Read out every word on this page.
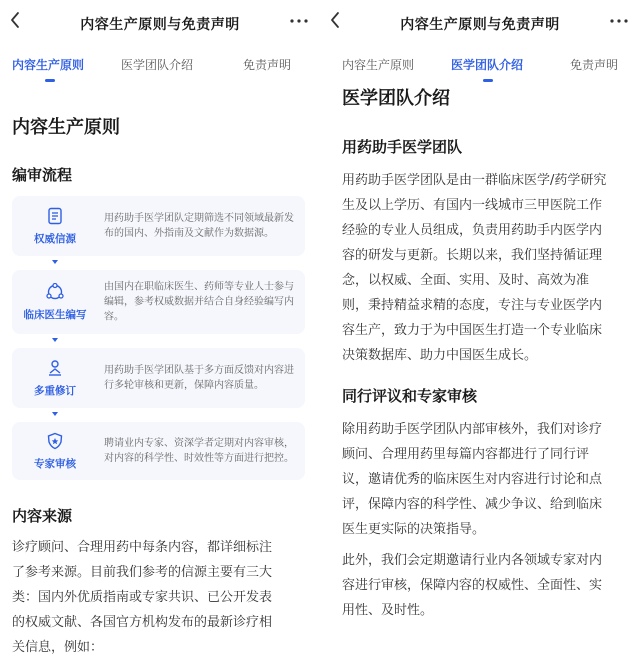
内容生产原则与免责声明
内容生产原则	医学团队介绍	免责声明
内容生产原则
编审流程
权威信源
用药助手医学团队定期筛选不同领域最新发布的国内、外指南及文献作为数据源。
临床医生编写
由国内在职临床医生、药师等专业人士参与编辑，参考权威数据并结合自身经验编写内容。
多重修订
用药助手医学团队基于多方面反馈对内容进行多轮审核和更新，保障内容质量。
专家审核
聘请业内专家、资深学者定期对内容审核，对内容的科学性、时效性等方面进行把控。
内容来源
诊疗顾问、合理用药中每条内容，都详细标注
了参考来源。目前我们参考的信源主要有三大
类：国内外优质指南或专家共识、已公开发表
的权威文献、各国官方机构发布的最新诊疗相
关信息，例如：
内容生产原则与免责声明
内容生产原则	医学团队介绍	免责声明
医学团队介绍
用药助手医学团队
用药助手医学团队是由一群临床医学/药学研究
生及以上学历、有国内一线城市三甲医院工作
经验的专业人员组成，负责用药助手内医学内
容的研发与更新。长期以来，我们坚持循证理
念，以权威、全面、实用、及时、高效为准
则，秉持精益求精的态度，专注与专业医学内
容生产，致力于为中国医生打造一个专业临床
决策数据库、助力中国医生成长。
同行评议和专家审核
除用药助手医学团队内部审核外，我们对诊疗
顾问、合理用药里每篇内容都进行了同行评
议，邀请优秀的临床医生对内容进行讨论和点
评，保障内容的科学性、减少争议、给到临床
医生更实际的决策指导。
此外，我们会定期邀请行业内各领域专家对内
容进行审核，保障内容的权威性、全面性、实
用性、及时性。
